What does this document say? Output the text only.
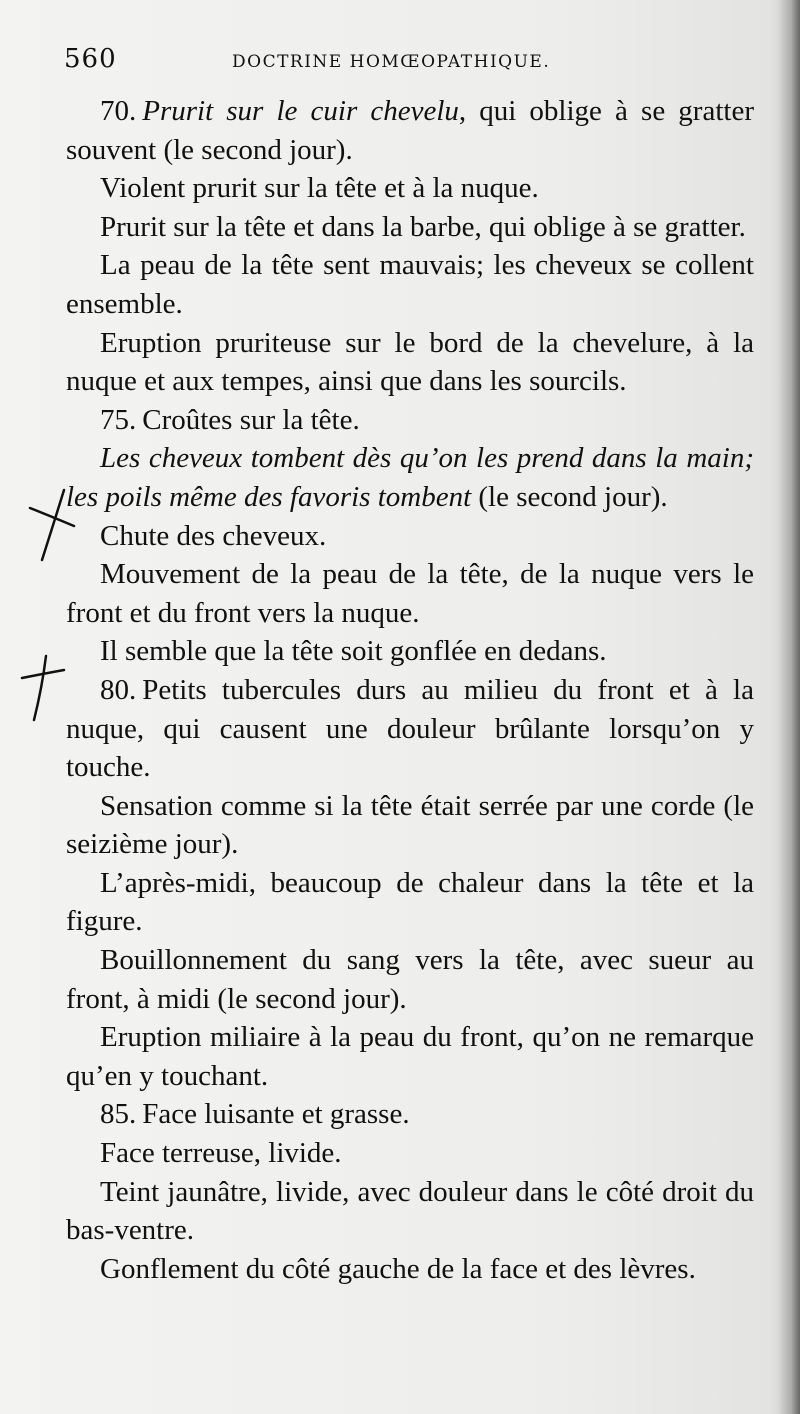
560	DOCTRINE HOMŒOPATHIQUE.

70. Prurit sur le cuir chevelu, qui oblige à se gratter souvent (le second jour).

Violent prurit sur la tête et à la nuque.

Prurit sur la tête et dans la barbe, qui oblige à se gratter.

La peau de la tête sent mauvais; les cheveux se collent ensemble.

Eruption pruriteuse sur le bord de la chevelure, à la nuque et aux tempes, ainsi que dans les sourcils.

75. Croûtes sur la tête.

Les cheveux tombent dès qu’on les prend dans la main; les poils même des favoris tombent (le second jour).

Chute des cheveux.

Mouvement de la peau de la tête, de la nuque vers le front et du front vers la nuque.

Il semble que la tête soit gonflée en dedans.

80. Petits tubercules durs au milieu du front et à la nuque, qui causent une douleur brûlante lorsqu’on y touche.

Sensation comme si la tête était serrée par une corde (le seizième jour).

L’après-midi, beaucoup de chaleur dans la tête et la figure.

Bouillonnement du sang vers la tête, avec sueur au front, à midi (le second jour).

Eruption miliaire à la peau du front, qu’on ne remarque qu’en y touchant.

85. Face luisante et grasse.

Face terreuse, livide.

Teint jaunâtre, livide, avec douleur dans le côté droit du bas-ventre.

Gonflement du côté gauche de la face et des lèvres.
